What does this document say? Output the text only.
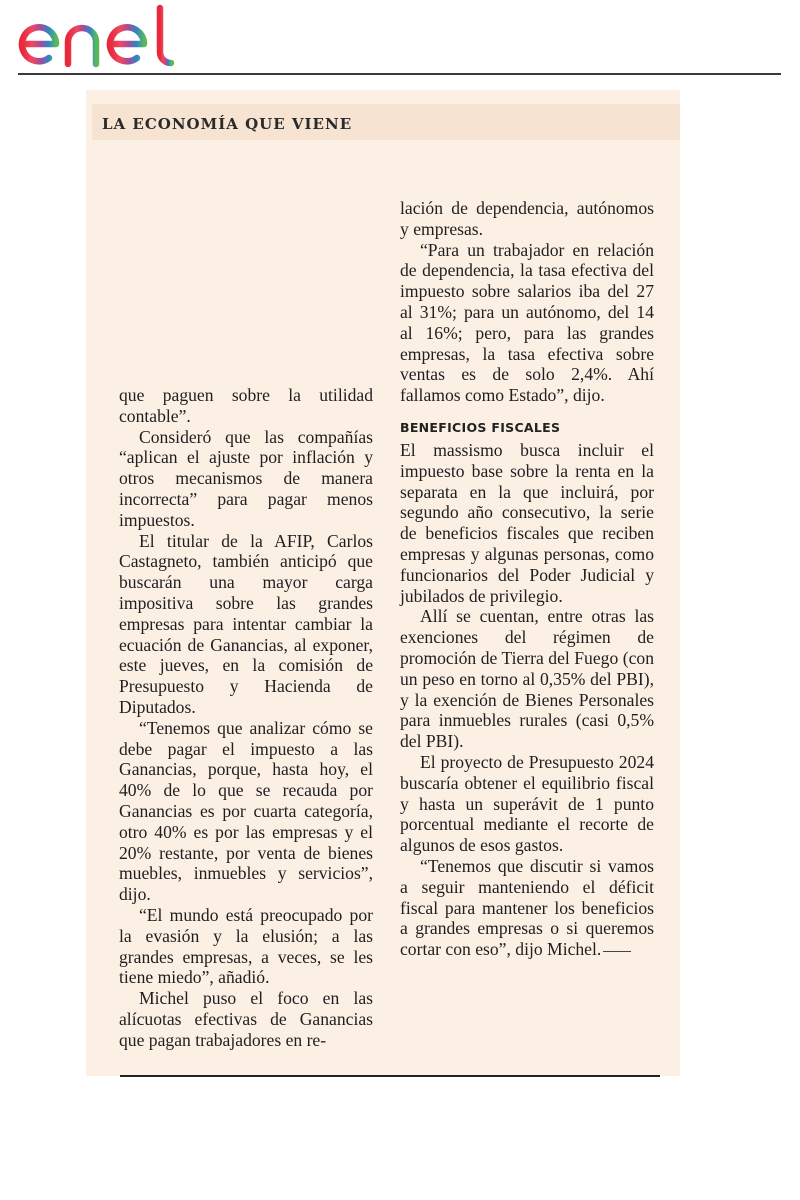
LA ECONOMÍA QUE VIENE

que paguen sobre la utilidad contable”.

Consideró que las compañías “aplican el ajuste por inflación y otros mecanismos de manera incorrecta” para pagar menos impuestos.

El titular de la AFIP, Carlos Castagneto, también anticipó que buscarán una mayor carga impositiva sobre las grandes empresas para intentar cambiar la ecuación de Ganancias, al exponer, este jueves, en la comisión de Presupuesto y Hacienda de Diputados.

“Tenemos que analizar cómo se debe pagar el impuesto a las Ganancias, porque, hasta hoy, el 40% de lo que se recauda por Ganancias es por cuarta categoría, otro 40% es por las empresas y el 20% restante, por venta de bienes muebles, inmuebles y servicios”, dijo.

“El mundo está preocupado por la evasión y la elusión; a las grandes empresas, a veces, se les tiene miedo”, añadió.

Michel puso el foco en las alícuotas efectivas de Ganancias que pagan trabajadores en re-

lación de dependencia, autónomos y empresas.

“Para un trabajador en relación de dependencia, la tasa efectiva del impuesto sobre salarios iba del 27 al 31%; para un autónomo, del 14 al 16%; pero, para las grandes empresas, la tasa efectiva sobre ventas es de solo 2,4%. Ahí fallamos como Estado”, dijo.

BENEFICIOS FISCALES

El massismo busca incluir el impuesto base sobre la renta en la separata en la que incluirá, por segundo año consecutivo, la serie de beneficios fiscales que reciben empresas y algunas personas, como funcionarios del Poder Judicial y jubilados de privilegio.

Allí se cuentan, entre otras las exenciones del régimen de promoción de Tierra del Fuego (con un peso en torno al 0,35% del PBI), y la exención de Bienes Personales para inmuebles rurales (casi 0,5% del PBI).

El proyecto de Presupuesto 2024 buscaría obtener el equilibrio fiscal y hasta un superávit de 1 punto porcentual mediante el recorte de algunos de esos gastos.

“Tenemos que discutir si vamos a seguir manteniendo el déficit fiscal para mantener los beneficios a grandes empresas o si queremos cortar con eso”, dijo Michel.
